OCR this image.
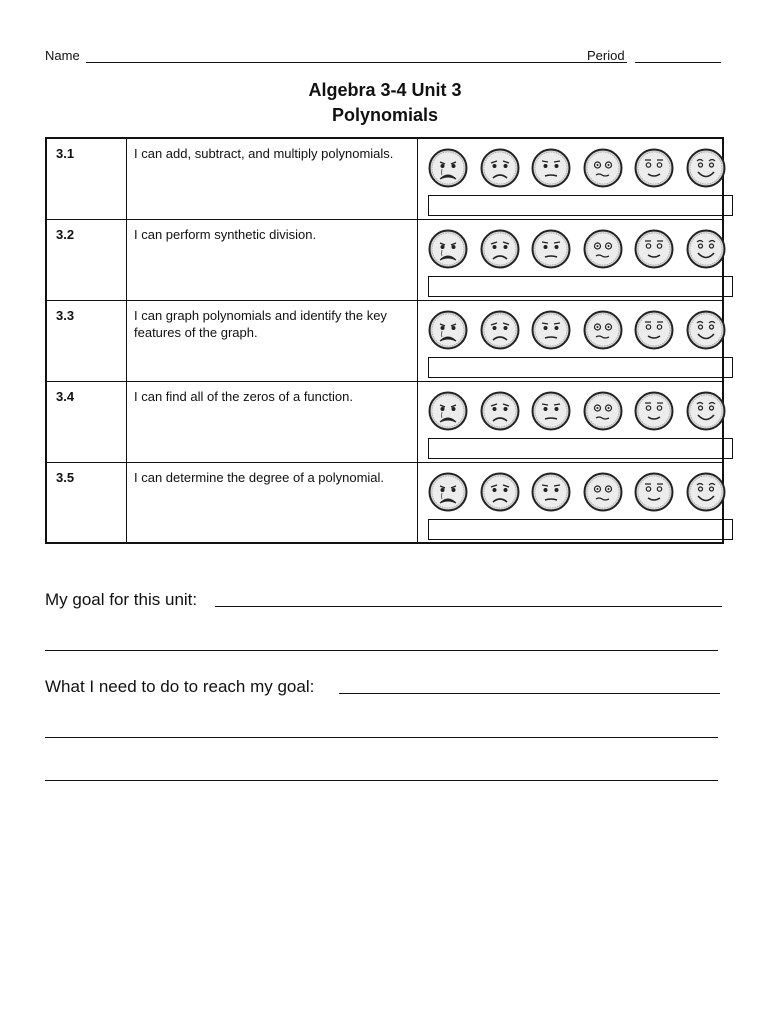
Name	Period
Algebra 3-4 Unit 3
Polynomials
3.1	I can add, subtract, and multiply polynomials.	

3.2	I can perform synthetic division.	

3.3	I can graph polynomials and identify the key features of the graph.	

3.4	I can find all of the zeros of a function.	

3.5	I can determine the degree of a polynomial.	
My goal for this unit:
What I need to do to reach my goal:
